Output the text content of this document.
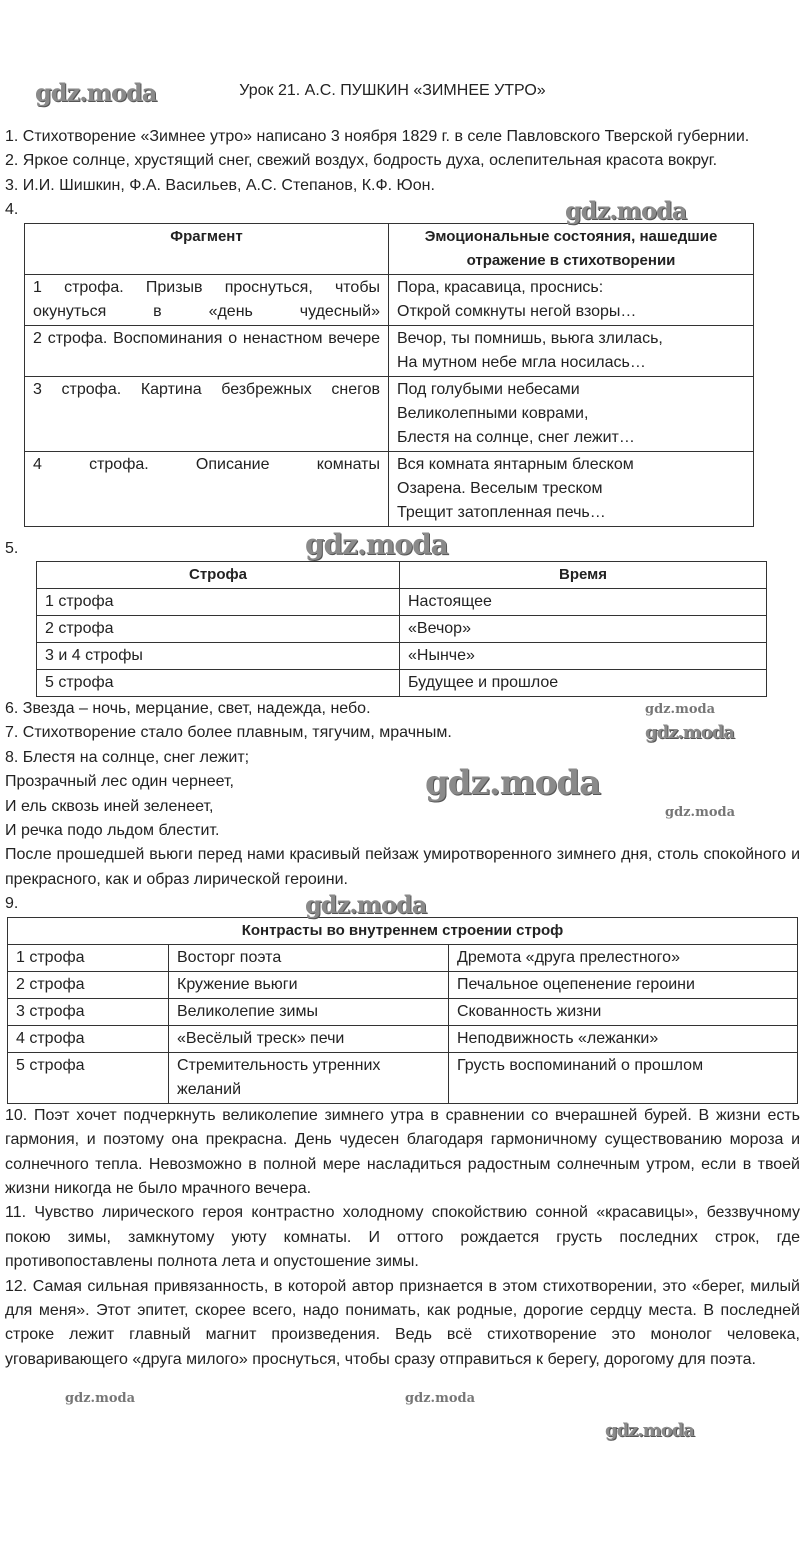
Урок 21. А.С. ПУШКИН «ЗИМНЕЕ УТРО»
gdz.moda
1. Стихотворение «Зимнее утро» написано 3 ноября 1829 г. в селе Павловского Тверской губернии.
2. Яркое солнце, хрустящий снег, свежий воздух, бодрость духа, ослепительная красота вокруг.
3. И.И. Шишкин, Ф.А. Васильев, А.С. Степанов, К.Ф. Юон.
4.	gdz.moda
Фрагмент	Эмоциональные состояния, нашедшие отражение в стихотворении
1 строфа. Призыв проснуться, чтобы окунуться в «день чудесный»	Пора, красавица, проснись:
Открой сомкнуты негой взоры…
2 строфа. Воспоминания о ненастном вечере	Вечор, ты помнишь, вьюга злилась,
На мутном небе мгла носилась…
3 строфа. Картина безбрежных снегов	Под голубыми небесами
Великолепными коврами,
Блестя на солнце, снег лежит…
4 строфа. Описание комнаты	Вся комната янтарным блеском
Озарена. Веселым треском
Трещит затопленная печь…
5.	gdz.moda
Строфа	Время
1 строфа	Настоящее
2 строфа	«Вечор»
3 и 4 строфы	«Нынче»
5 строфа	Будущее и прошлое
6. Звезда – ночь, мерцание, свет, надежда, небо.	gdz.moda
7. Стихотворение стало более плавным, тягучим, мрачным.	gdz.moda
8. Блестя на солнце, снег лежит;
Прозрачный лес один чернеет,
И ель сквозь иней зеленеет,
И речка подо льдом блестит.
gdz.moda
gdz.moda
После прошедшей вьюги перед нами красивый пейзаж умиротворенного зимнего дня, столь спокойного и прекрасного, как и образ лирической героини.
9.	gdz.moda
Контрасты во внутреннем строении строф		
1 строфа	Восторг поэта	Дремота «друга прелестного»
2 строфа	Кружение вьюги	Печальное оцепенение героини
3 строфа	Великолепие зимы	Скованность жизни
4 строфа	«Весёлый треск» печи	Неподвижность «лежанки»
5 строфа	Стремительность утренних желаний	Грусть воспоминаний о прошлом
10. Поэт хочет подчеркнуть великолепие зимнего утра в сравнении со вчерашней бурей. В жизни есть гармония, и поэтому она прекрасна. День чудесен благодаря гармоничному существованию мороза и солнечного тепла. Невозможно в полной мере насладиться радостным солнечным утром, если в твоей жизни никогда не было мрачного вечера.
11. Чувство лирического героя контрастно холодному спокойствию сонной «красавицы», беззвучному покою зимы, замкнутому уюту комнаты. И оттого рождается грусть последних строк, где противопоставлены полнота лета и опустошение зимы.
12. Самая сильная привязанность, в которой автор признается в этом стихотворении, это «берег, милый для меня». Этот эпитет, скорее всего, надо понимать, как родные, дорогие сердцу места. В последней строке лежит главный магнит произведения. Ведь всё стихотворение это монолог человека, уговаривающего «друга милого» проснуться, чтобы сразу отправиться к берегу, дорогому для поэта.
gdz.moda	gdz.moda
gdz.moda
